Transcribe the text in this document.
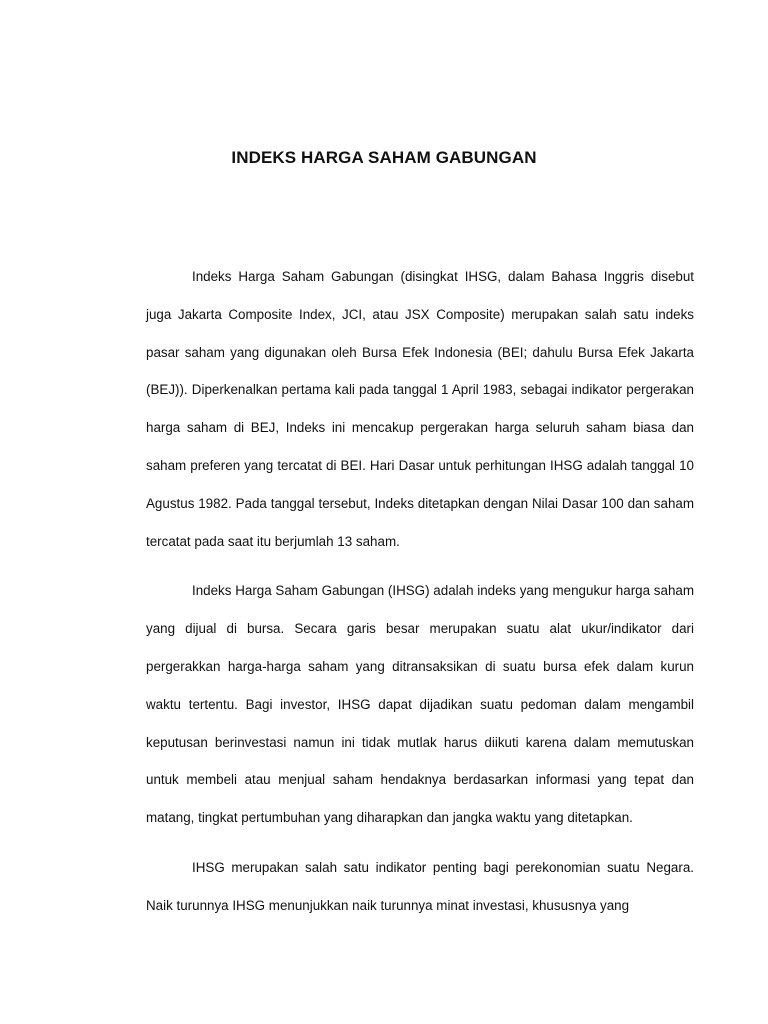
INDEKS HARGA SAHAM GABUNGAN

Indeks Harga Saham Gabungan (disingkat IHSG, dalam Bahasa Inggris disebut juga Jakarta Composite Index, JCI, atau JSX Composite) merupakan salah satu indeks pasar saham yang digunakan oleh Bursa Efek Indonesia (BEI; dahulu Bursa Efek Jakarta (BEJ)). Diperkenalkan pertama kali pada tanggal 1 April 1983, sebagai indikator pergerakan harga saham di BEJ, Indeks ini mencakup pergerakan harga seluruh saham biasa dan saham preferen yang tercatat di BEI. Hari Dasar untuk perhitungan IHSG adalah tanggal 10 Agustus 1982. Pada tanggal tersebut, Indeks ditetapkan dengan Nilai Dasar 100 dan saham tercatat pada saat itu berjumlah 13 saham.

Indeks Harga Saham Gabungan (IHSG) adalah indeks yang mengukur harga saham yang dijual di bursa. Secara garis besar merupakan suatu alat ukur/indikator dari pergerakkan harga-harga saham yang ditransaksikan di suatu bursa efek dalam kurun waktu tertentu. Bagi investor, IHSG dapat dijadikan suatu pedoman dalam mengambil keputusan berinvestasi namun ini tidak mutlak harus diikuti karena dalam memutuskan untuk membeli atau menjual saham hendaknya berdasarkan informasi yang tepat dan matang, tingkat pertumbuhan yang diharapkan dan jangka waktu yang ditetapkan.

IHSG merupakan salah satu indikator penting bagi perekonomian suatu Negara. Naik turunnya IHSG menunjukkan naik turunnya minat investasi, khususnya yang
